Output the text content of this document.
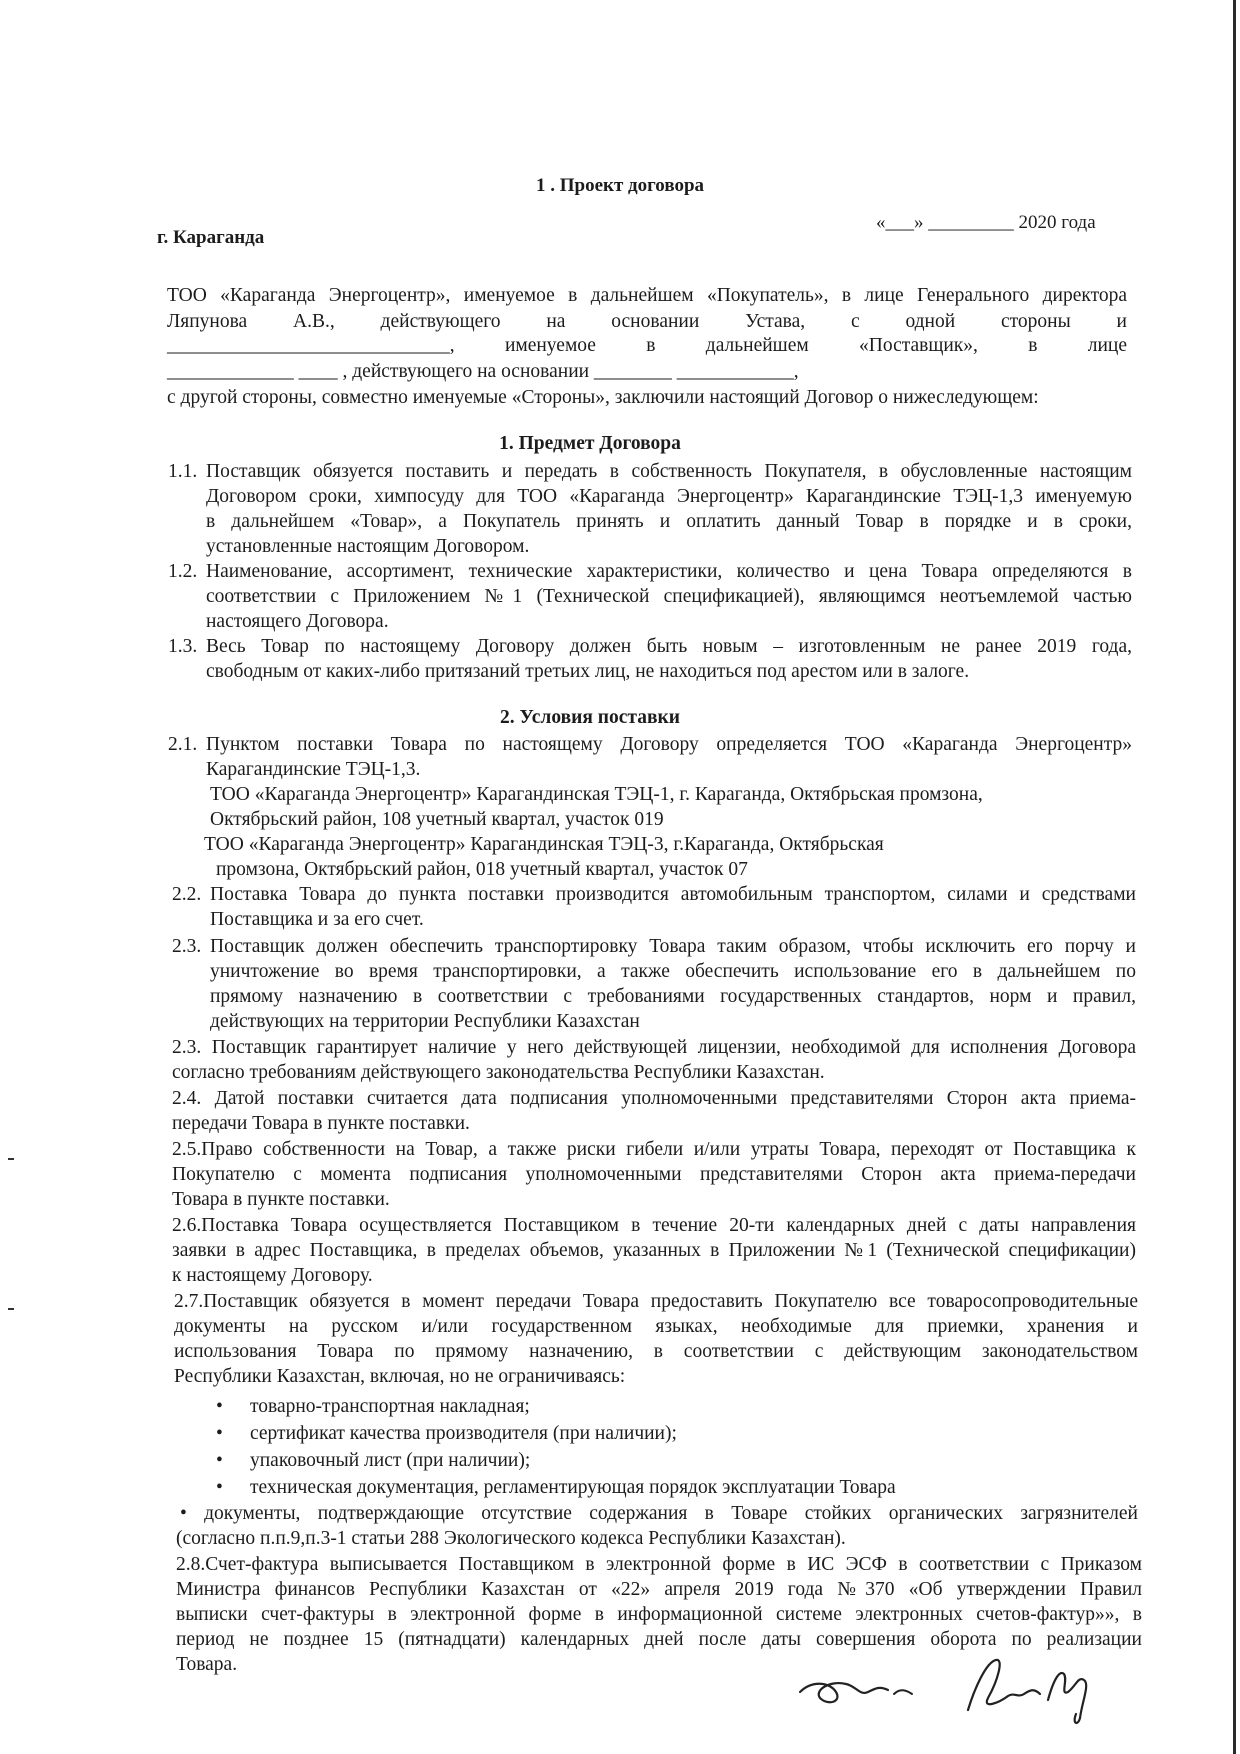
1 . Проект договора
г. Караганда
«___» _________ 2020 года
ТОО «Караганда Энергоцентр», именуемое в дальнейшем «Покупатель», в лице Генерального директора
Ляпунова А.В., действующего на основании Устава, с одной стороны и
_____________________________, именуемое в дальнейшем «Поставщик», в лице
_____________ ____ , действующего на основании ________ ____________,
с другой стороны, совместно именуемые «Стороны», заключили настоящий Договор о нижеследующем:
1. Предмет Договора
1.1. Поставщик обязуется поставить и передать в собственность Покупателя, в обусловленные настоящим
Договором сроки, химпосуду для ТОО «Караганда Энергоцентр» Карагандинские ТЭЦ-1,3 именуемую
в дальнейшем «Товар», а Покупатель принять и оплатить данный Товар в порядке и в сроки,
установленные настоящим Договором.
1.2. Наименование, ассортимент, технические характеристики, количество и цена Товара определяются в
соответствии с Приложением №1 (Технической спецификацией), являющимся неотъемлемой частью
настоящего Договора.
1.3. Весь Товар по настоящему Договору должен быть новым – изготовленным не ранее 2019 года,
свободным от каких-либо притязаний третьих лиц, не находиться под арестом или в залоге.
2. Условия поставки
2.1. Пунктом поставки Товара по настоящему Договору определяется ТОО «Караганда Энергоцентр»
Карагандинские ТЭЦ-1,3.
ТОО «Караганда Энергоцентр» Карагандинская ТЭЦ-1, г. Караганда, Октябрьская промзона,
Октябрьский район, 108 учетный квартал, участок 019
ТОО «Караганда Энергоцентр» Карагандинская ТЭЦ-3, г.Караганда, Октябрьская
промзона, Октябрьский район, 018 учетный квартал, участок 07
2.2. Поставка Товара до пункта поставки производится автомобильным транспортом, силами и средствами
Поставщика и за его счет.
2.3. Поставщик должен обеспечить транспортировку Товара таким образом, чтобы исключить его порчу и
уничтожение во время транспортировки, а также обеспечить использование его в дальнейшем по
прямому назначению в соответствии с требованиями государственных стандартов, норм и правил,
действующих на территории Республики Казахстан
2.3. Поставщик гарантирует наличие у него действующей лицензии, необходимой для исполнения Договора
согласно требованиям действующего законодательства Республики Казахстан.
2.4. Датой поставки считается дата подписания уполномоченными представителями Сторон акта приема-
передачи Товара в пункте поставки.
2.5.Право собственности на Товар, а также риски гибели и/или утраты Товара, переходят от Поставщика к
Покупателю с момента подписания уполномоченными представителями Сторон акта приема-передачи
Товара в пункте поставки.
2.6.Поставка Товара осуществляется Поставщиком в течение 20-ти календарных дней с даты направления
заявки в адрес Поставщика, в пределах объемов, указанных в Приложении №1 (Технической спецификации)
к настоящему Договору.
2.7.Поставщик обязуется в момент передачи Товара предоставить Покупателю все товаросопроводительные
документы на русском и/или государственном языках, необходимые для приемки, хранения и
использования Товара по прямому назначению, в соответствии с действующим законодательством
Республики Казахстан, включая, но не ограничиваясь:
• товарно-транспортная накладная;
• сертификат качества производителя (при наличии);
• упаковочный лист (при наличии);
• техническая документация, регламентирующая порядок эксплуатации Товара
• документы, подтверждающие отсутствие содержания в Товаре стойких органических загрязнителей
(согласно п.п.9,п.3-1 статьи 288 Экологического кодекса Республики Казахстан).
2.8.Счет-фактура выписывается Поставщиком в электронной форме в ИС ЭСФ в соответствии с Приказом
Министра финансов Республики Казахстан от «22» апреля 2019 года №370 «Об утверждении Правил
выписки счет-фактуры в электронной форме в информационной системе электронных счетов-фактур»», в
период не позднее 15 (пятнадцати) календарных дней после даты совершения оборота по реализации
Товара.
